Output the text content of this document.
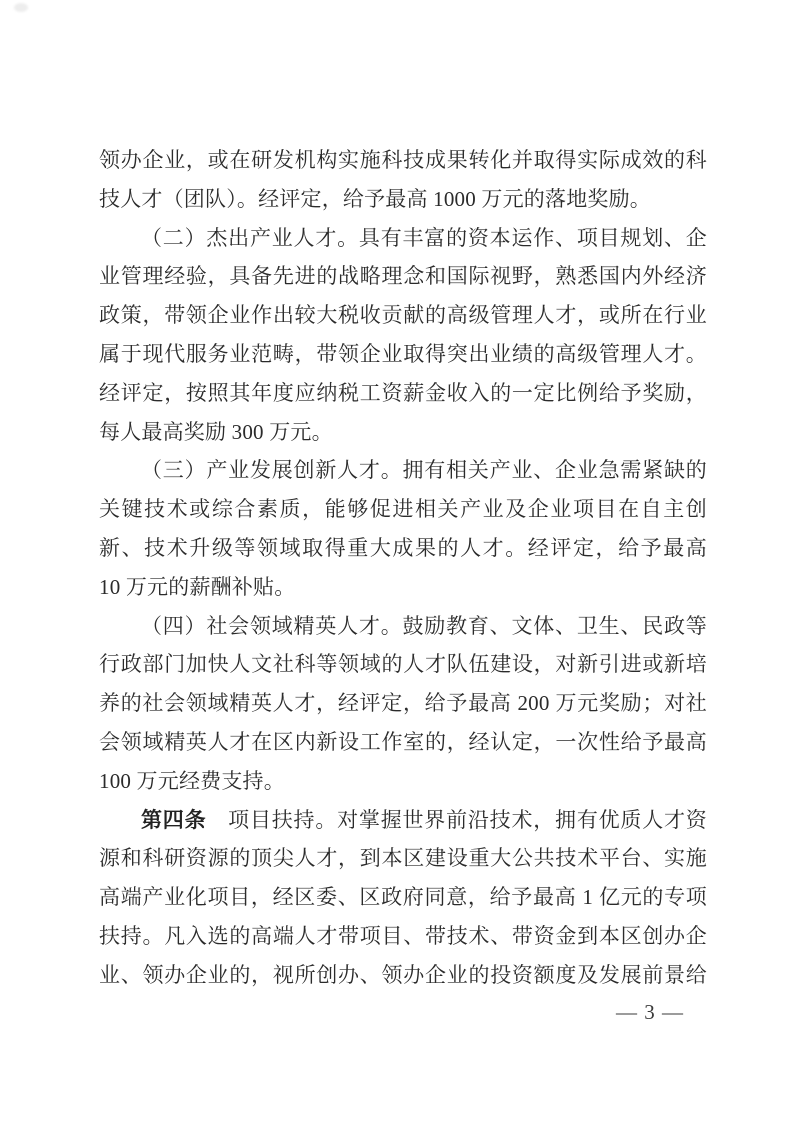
领办企业，或在研发机构实施科技成果转化并取得实际成效的科
技人才（团队）。经评定，给予最高 1000 万元的落地奖励。
（二）杰出产业人才。具有丰富的资本运作、项目规划、企
业管理经验，具备先进的战略理念和国际视野，熟悉国内外经济
政策，带领企业作出较大税收贡献的高级管理人才，或所在行业
属于现代服务业范畴，带领企业取得突出业绩的高级管理人才。
经评定，按照其年度应纳税工资薪金收入的一定比例给予奖励，
每人最高奖励 300 万元。
（三）产业发展创新人才。拥有相关产业、企业急需紧缺的
关键技术或综合素质，能够促进相关产业及企业项目在自主创
新、技术升级等领域取得重大成果的人才。经评定，给予最高
10 万元的薪酬补贴。
（四）社会领域精英人才。鼓励教育、文体、卫生、民政等
行政部门加快人文社科等领域的人才队伍建设，对新引进或新培
养的社会领域精英人才，经评定，给予最高 200 万元奖励；对社
会领域精英人才在区内新设工作室的，经认定，一次性给予最高
100 万元经费支持。
第四条　项目扶持。对掌握世界前沿技术，拥有优质人才资
源和科研资源的顶尖人才，到本区建设重大公共技术平台、实施
高端产业化项目，经区委、区政府同意，给予最高 1 亿元的专项
扶持。凡入选的高端人才带项目、带技术、带资金到本区创办企
业、领办企业的，视所创办、领办企业的投资额度及发展前景给
— 3 —
